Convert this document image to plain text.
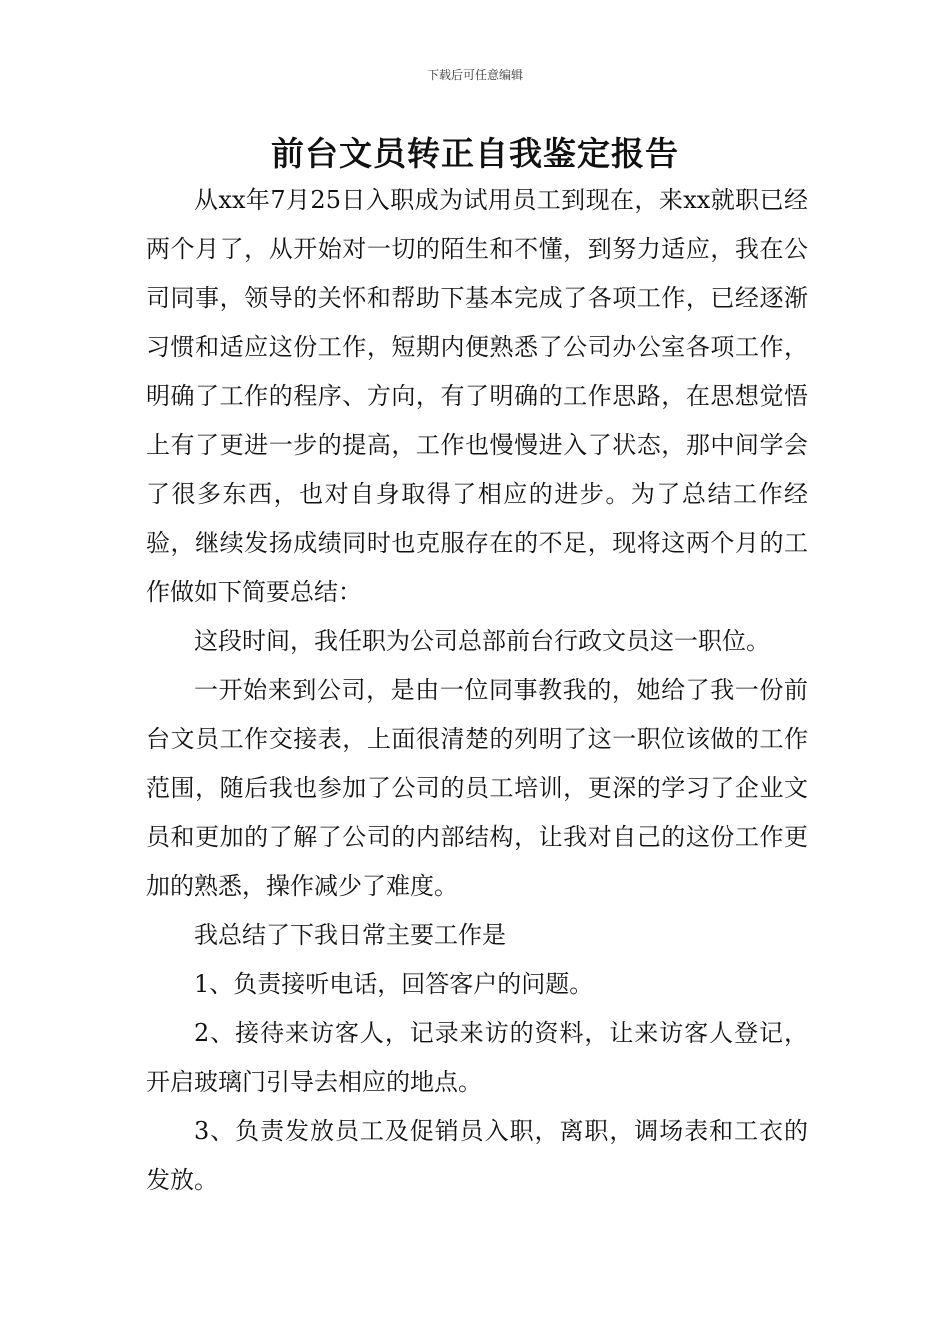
下载后可任意编辑
前台文员转正自我鉴定报告

从xx年7月25日入职成为试用员工到现在，来xx就职已经两个月了，从开始对一切的陌生和不懂，到努力适应，我在公司同事，领导的关怀和帮助下基本完成了各项工作，已经逐渐习惯和适应这份工作，短期内便熟悉了公司办公室各项工作，明确了工作的程序、方向，有了明确的工作思路，在思想觉悟上有了更进一步的提高，工作也慢慢进入了状态，那中间学会了很多东西，也对自身取得了相应的进步。为了总结工作经验，继续发扬成绩同时也克服存在的不足，现将这两个月的工作做如下简要总结：

这段时间，我任职为公司总部前台行政文员这一职位。

一开始来到公司，是由一位同事教我的，她给了我一份前台文员工作交接表，上面很清楚的列明了这一职位该做的工作范围，随后我也参加了公司的员工培训，更深的学习了企业文员和更加的了解了公司的内部结构，让我对自己的这份工作更加的熟悉，操作减少了难度。

我总结了下我日常主要工作是

1、负责接听电话，回答客户的问题。

2、接待来访客人，记录来访的资料，让来访客人登记，开启玻璃门引导去相应的地点。

3、负责发放员工及促销员入职，离职，调场表和工衣的发放。
